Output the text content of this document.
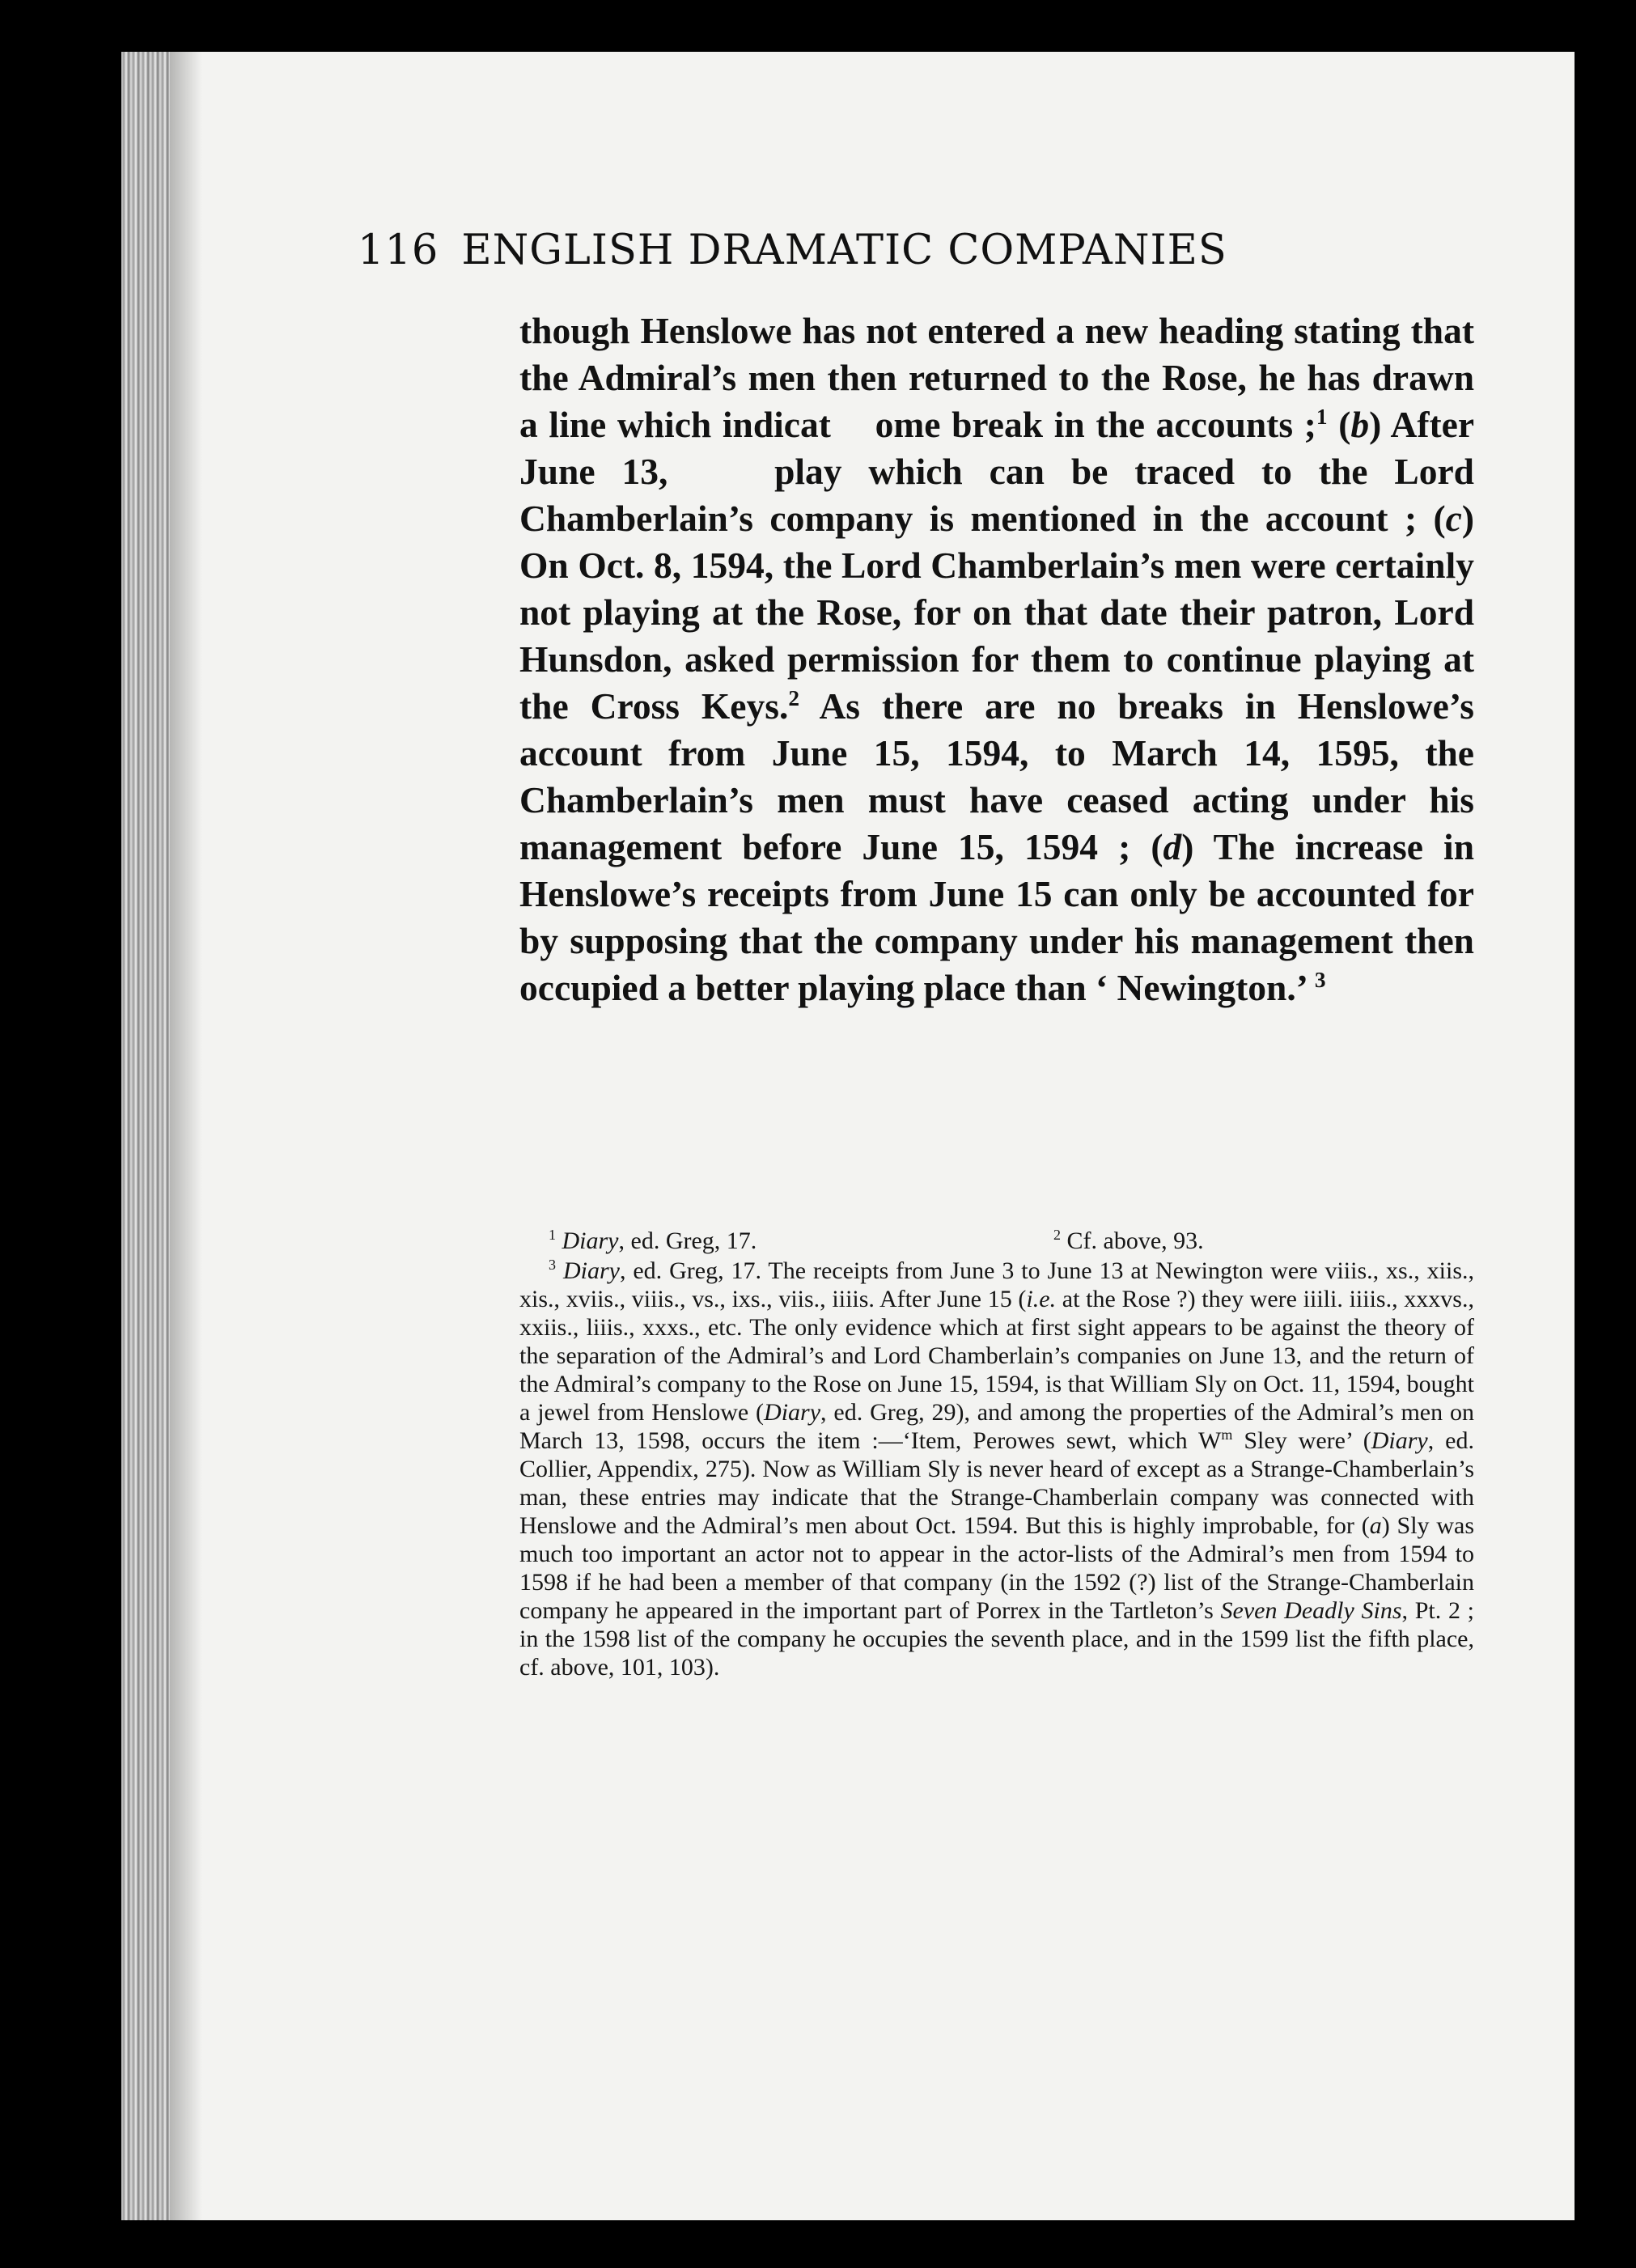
116 ENGLISH DRAMATIC COMPANIES

though Henslowe has not entered a new heading stating that the Admiral’s men then returned to the Rose, he has drawn a line which indicat ome break in the accounts ;$^1$ (b) After June 13,	play which can be traced to the Lord Chamberlain’s company is mentioned in the account ; (c) On Oct. 8, 1594, the Lord Chamberlain’s men were certainly not playing at the Rose, for on that date their patron, Lord Hunsdon, asked permission for them to continue playing at the Cross Keys.$^2$ As there are no breaks in Henslowe’s account from June 15, 1594, to March 14, 1595, the Chamberlain’s men must have ceased acting under his management before June 15, 1594 ; (d) The increase in Henslowe’s receipts from June 15 can only be accounted for by supposing that the company under his management then occupied a better playing place than ‘ Newington.’ $^3$

$^1$ Diary, ed. Greg, 17.	$^2$ Cf. above, 93.

$^3$ Diary, ed. Greg, 17. The receipts from June 3 to June 13 at Newington were viiis., xs., xiis., xis., xviis., viiis., vs., ixs., viis., iiiis. After June 15 (i.e. at the Rose ?) they were iiili. iiiis., xxxvs., xxiis., liiis., xxxs., etc. The only evidence which at first sight appears to be against the theory of the separation of the Admiral’s and Lord Chamberlain’s companies on June 13, and the return of the Admiral’s company to the Rose on June 15, 1594, is that William Sly on Oct. 11, 1594, bought a jewel from Henslowe (Diary, ed. Greg, 29), and among the properties of the Admiral’s men on March 13, 1598, occurs the item :—‘Item, Perowes sewt, which $W^m$ Sley were’ (Diary, ed. Collier, Appendix, 275). Now as William Sly is never heard of except as a Strange-Chamberlain’s man, these entries may indicate that the Strange-Chamberlain company was connected with Henslowe and the Admiral’s men about Oct. 1594. But this is highly improbable, for (a) Sly was much too important an actor not to appear in the actor-lists of the Admiral’s men from 1594 to 1598 if he had been a member of that company (in the 1592 (?) list of the Strange-Chamberlain company he appeared in the important part of Porrex in the Tartleton’s Seven Deadly Sins, Pt. 2 ; in the 1598 list of the company he occupies the seventh place, and in the 1599 list the fifth place, cf. above, 101, 103).
